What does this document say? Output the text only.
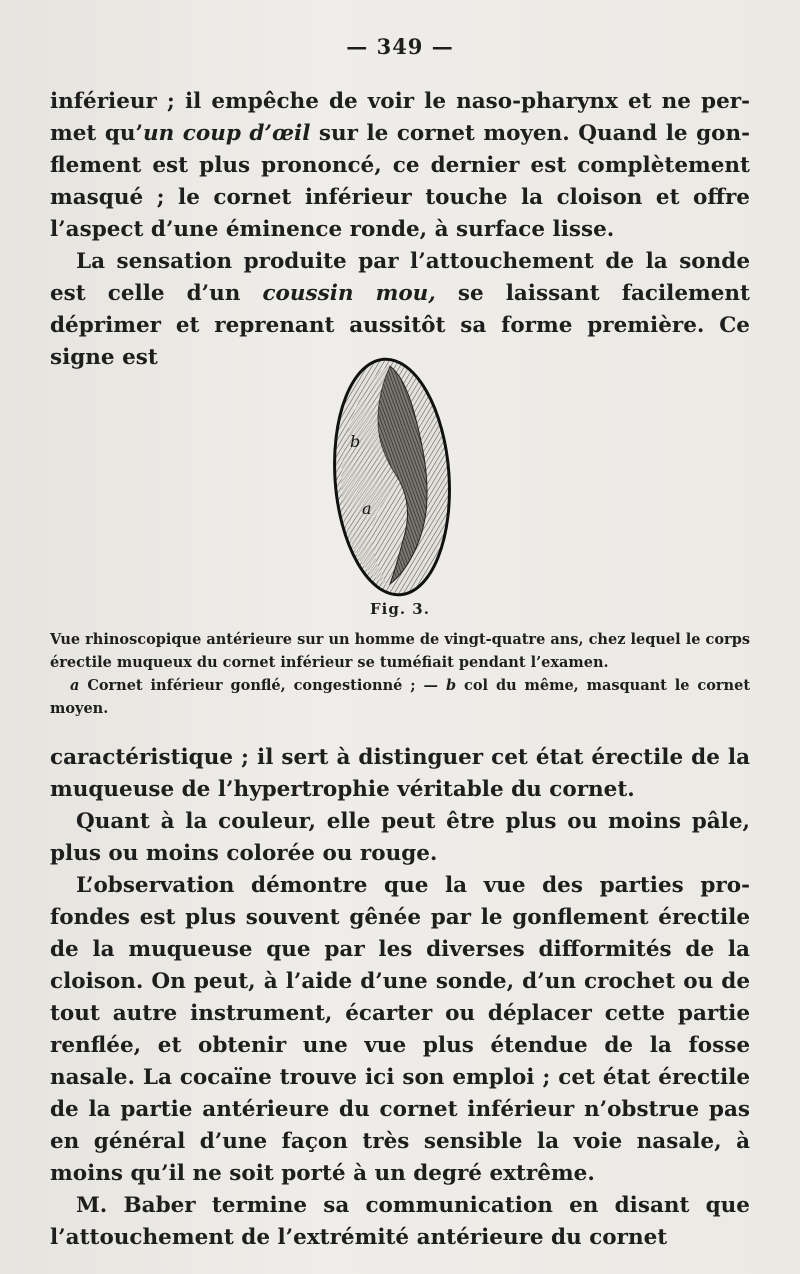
— 349 —

inférieur ; il empêche de voir le naso-pharynx et ne per-met qu’un coup d’œil sur le cornet moyen. Quand le gon-flement est plus prononcé, ce dernier est complètement masqué ; le cornet inférieur touche la cloison et offre l’aspect d’une éminence ronde, à surface lisse.

La sensation produite par l’attouchement de la sonde est celle d’un coussin mou, se laissant facilement déprimer et reprenant aussitôt sa forme première. Ce signe est

b
a
Fig. 3.

Vue rhinoscopique antérieure sur un homme de vingt-quatre ans, chez lequel le corps érectile muqueux du cornet inférieur se tuméfiait pendant l’examen.

a Cornet inférieur gonflé, congestionné ; — b col du même, masquant le cornet moyen.

caractéristique ; il sert à distinguer cet état érectile de la muqueuse de l’hypertrophie véritable du cornet.

Quant à la couleur, elle peut être plus ou moins pâle, plus ou moins colorée ou rouge.

L’observation démontre que la vue des parties pro-fondes est plus souvent gênée par le gonflement érectile de la muqueuse que par les diverses difformités de la cloison. On peut, à l’aide d’une sonde, d’un crochet ou de tout autre instrument, écarter ou déplacer cette partie renflée, et obtenir une vue plus étendue de la fosse nasale. La cocaïne trouve ici son emploi ; cet état érectile de la partie antérieure du cornet inférieur n’obstrue pas en général d’une façon très sensible la voie nasale, à moins qu’il ne soit porté à un degré extrême.

M. Baber termine sa communication en disant que l’attouchement de l’extrémité antérieure du cornet
